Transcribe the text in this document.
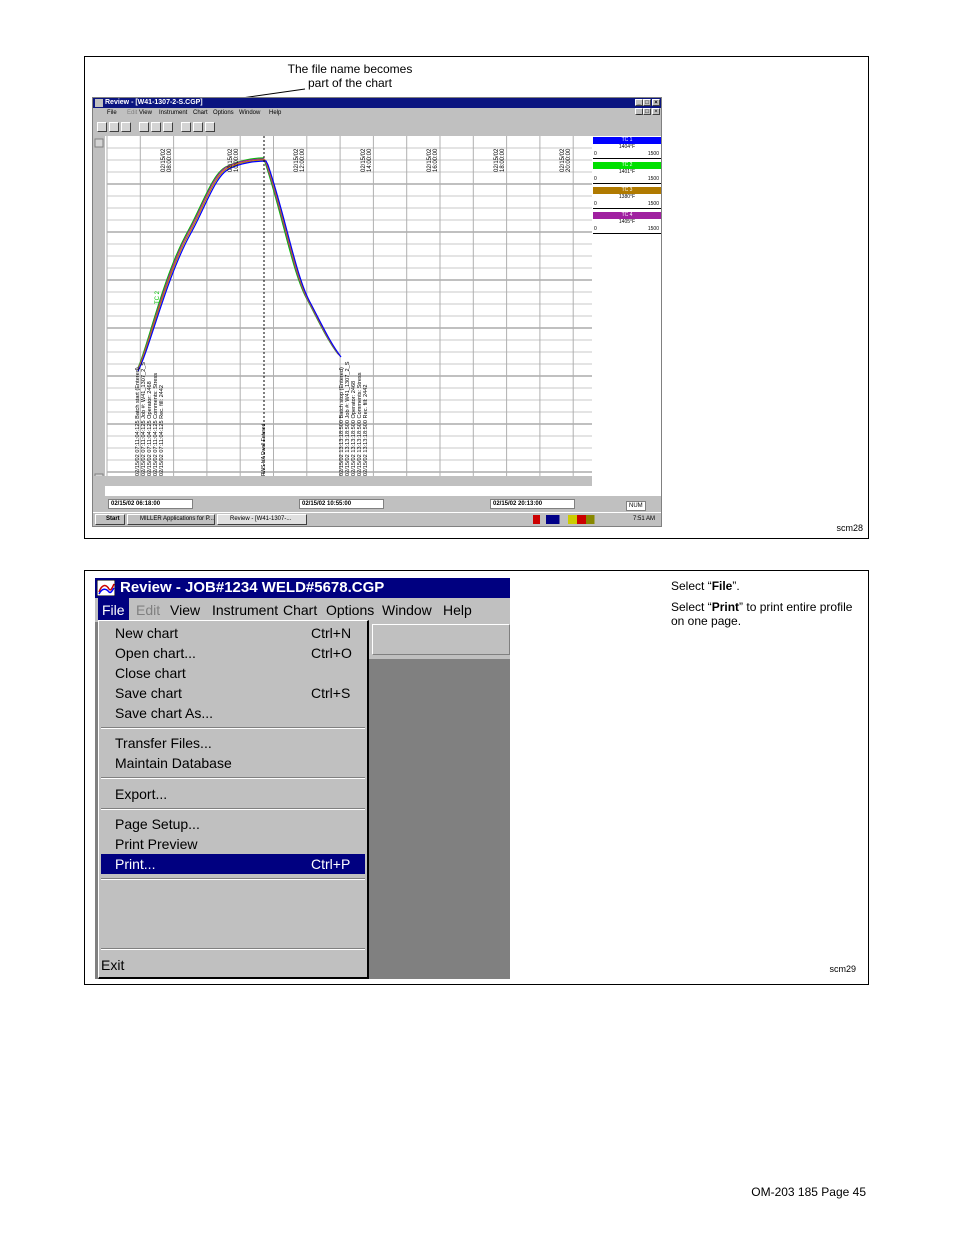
The file name becomes
part of the chart
scm28
Review - [W41-1307-2-S.CGP]	_ □ ×
File Edit View Instrument Chart Options Window Help	_ □ ×
02/15/02 08:00:00	02/15/02 10:00:00	02/15/02 12:00:00	02/15/02 14:00:00	02/15/02 16:00:00	02/15/02 18:00:00	02/15/02 20:00:00
02/15/02 07:11:04:125 Batch start (Entered) 02/15/02 07:11:04:125 Job #: W41_1307_2_S 02/15/02 07:11:04:125 Operator: 2468 02/15/02 07:11:04:125 Comments: Stress 02/15/02 07:11:04:125 Rec. fill: 2442	02/15/02 13:13:18:500 Batch stop (Entered) 02/15/02 13:13:18:500 Job #: W41_1307_2_S 02/15/02 13:13:18:500 Operator: 2468 02/15/02 13:13:18:500 Comments: Stress 02/15/02 13:13:18:500 Rec. fill: 2442
TC 2
PWS-HA Dwell Entered
TC 1
1404°F
0	1500
TC 2
1401°F
0	1500
TC 3
1380°F
0	1500
TC 4
1405°F
0	1500
02/15/02 06:18:00	02/15/02 10:55:00	02/15/02 20:13:00	NUM
Start	MILLER Applications for P...	Review - [W41-1307-...	7:51 AM
Select “File”.
Select “Print” to print entire profile on one page.
scm29
Review - JOB#1234 WELD#5678.CGP
File Edit View Instrument Chart Options Window Help
New chart	Ctrl+N
Open chart...	Ctrl+O
Close chart
Save chart	Ctrl+S
Save chart As...
Transfer Files...
Maintain Database
Export...
Page Setup...
Print Preview
Print...	Ctrl+P
Exit
OM-203 185 Page 45
